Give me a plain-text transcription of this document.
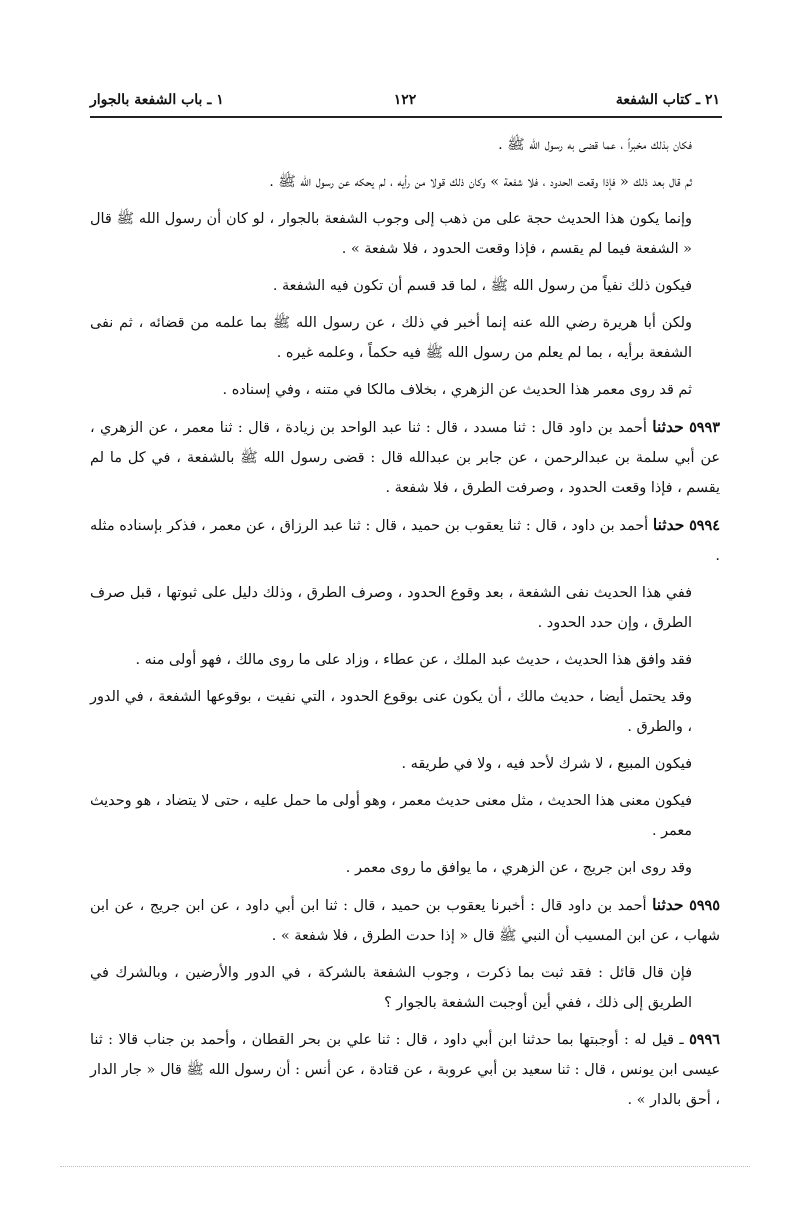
٢١ ـ كتاب الشفعة
١٢٢
١ ـ باب الشفعة بالجوار

فكان بذلك مخبراً ، عما قضى به رسول الله ﷺ .

ثم قال بعد ذلك « فإذا وقعت الحدود ، فلا شفعة » وكان ذلك قولا من رأيه ، لم يحكه عن رسول الله ﷺ .

وإنما يكون هذا الحديث حجة على من ذهب إلى وجوب الشفعة بالجوار ، لو كان أن رسول الله ﷺ قال « الشفعة فيما لم يقسم ، فإذا وقعت الحدود ، فلا شفعة » .

فيكون ذلك نفياً من رسول الله ﷺ ، لما قد قسم أن تكون فيه الشفعة .

ولكن أبا هريرة رضي الله عنه إنما أخبر في ذلك ، عن رسول الله ﷺ بما علمه من قضائه ، ثم نفى الشفعة برأيه ، بما لم يعلم من رسول الله ﷺ فيه حكماً ، وعلمه غيره .

ثم قد روى معمر هذا الحديث عن الزهري ، بخلاف مالكا في متنه ، وفي إسناده .

٥٩٩٣ حدثنا أحمد بن داود قال : ثنا مسدد ، قال : ثنا عبد الواحد بن زيادة ، قال : ثنا معمر ، عن الزهري ، عن أبي سلمة بن عبدالرحمن ، عن جابر بن عبدالله قال : قضى رسول الله ﷺ بالشفعة ، في كل ما لم يقسم ، فإذا وقعت الحدود ، وصرفت الطرق ، فلا شفعة .

٥٩٩٤ حدثنا أحمد بن داود ، قال : ثنا يعقوب بن حميد ، قال : ثنا عبد الرزاق ، عن معمر ، فذكر بإسناده مثله .

ففي هذا الحديث نفى الشفعة ، بعد وقوع الحدود ، وصرف الطرق ، وذلك دليل على ثبوتها ، قبل صرف الطرق ، وإن حدد الحدود .

فقد وافق هذا الحديث ، حديث عبد الملك ، عن عطاء ، وزاد على ما روى مالك ، فهو أولى منه .

وقد يحتمل أيضا ، حديث مالك ، أن يكون عنى بوقوع الحدود ، التي نفيت ، بوقوعها الشفعة ، في الدور ، والطرق .

فيكون المبيع ، لا شرك لأحد فيه ، ولا في طريقه .

فيكون معنى هذا الحديث ، مثل معنى حديث معمر ، وهو أولى ما حمل عليه ، حتى لا يتضاد ، هو وحديث معمر .

وقد روى ابن جريج ، عن الزهري ، ما يوافق ما روى معمر .

٥٩٩٥ حدثنا أحمد بن داود قال : أخبرنا يعقوب بن حميد ، قال : ثنا ابن أبي داود ، عن ابن جريج ، عن ابن شهاب ، عن ابن المسيب أن النبي ﷺ قال « إذا حدت الطرق ، فلا شفعة » .

فإن قال قائل : فقد ثبت بما ذكرت ، وجوب الشفعة بالشركة ، في الدور والأرضين ، وبالشرك في الطريق إلى ذلك ، ففي أين أوجبت الشفعة بالجوار ؟

٥٩٩٦ ـ قيل له : أوجبتها بما حدثنا ابن أبي داود ، قال : ثنا علي بن بحر القطان ، وأحمد بن جناب قالا : ثنا عيسى ابن يونس ، قال : ثنا سعيد بن أبي عروبة ، عن قتادة ، عن أنس : أن رسول الله ﷺ قال « جار الدار ، أحق بالدار » .
